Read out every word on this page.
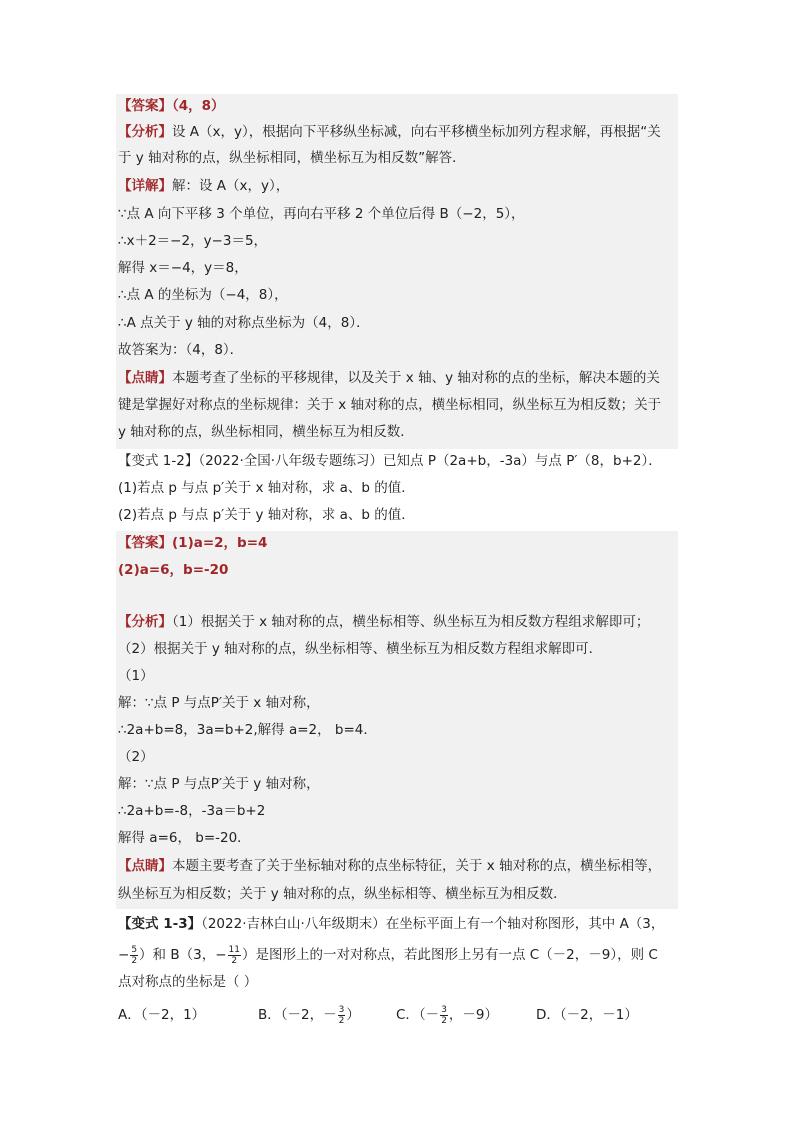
【答案】（4，8）
【分析】设 A（x，y），根据向下平移纵坐标减，向右平移横坐标加列方程求解，再根据“关
于 y 轴对称的点，纵坐标相同，横坐标互为相反数”解答．
【详解】解：设 A（x，y），
∵点 A 向下平移 3 个单位，再向右平移 2 个单位后得 B（−2，5），
∴x＋2＝−2，y−3＝5，
解得 x＝−4，y＝8，
∴点 A 的坐标为（−4，8），
∴A 点关于 y 轴的对称点坐标为（4，8）．
故答案为：（4，8）．
【点睛】本题考查了坐标的平移规律，以及关于 x 轴、y 轴对称的点的坐标，解决本题的关
键是掌握好对称点的坐标规律：关于 x 轴对称的点，横坐标相同，纵坐标互为相反数；关于
y 轴对称的点，纵坐标相同，横坐标互为相反数．
【变式 1-2】（2022·全国·八年级专题练习）已知点 P（2a+b，-3a）与点 P′（8，b+2）．
(1)若点 p 与点 p′关于 x 轴对称，求 a、b 的值．
(2)若点 p 与点 p′关于 y 轴对称，求 a、b 的值．
【答案】(1)a=2，b=4
(2)a=6，b=-20
【分析】（1）根据关于 x 轴对称的点，横坐标相等、纵坐标互为相反数方程组求解即可；
（2）根据关于 y 轴对称的点，纵坐标相等、横坐标互为相反数方程组求解即可．
（1）
解：∵点 P 与点P′关于 x 轴对称，
∴2a+b=8，3a=b+2,解得 a=2， b=4．
（2）
解：∵点 P 与点P′关于 y 轴对称，
∴2a+b=-8，-3a＝b+2
解得 a=6， b=-20．
【点睛】本题主要考查了关于坐标轴对称的点坐标特征，关于 x 轴对称的点，横坐标相等，
纵坐标互为相反数；关于 y 轴对称的点，纵坐标相等、横坐标互为相反数．
【变式 1-3】（2022·吉林白山·八年级期末）在坐标平面上有一个轴对称图形，其中 A（3，
− $\frac{5}{2}$ ）和 B（3，− $\frac{11}{2}$ ）是图形上的一对对称点，若此图形上另有一点 C（－2，－9），则 C
点对称点的坐标是（ ）
A．（－2，1）	B．（－2，－ $\frac{3}{2}$ ）	C．（－ $\frac{3}{2}$ ，－9）	D．（－2，－1）
